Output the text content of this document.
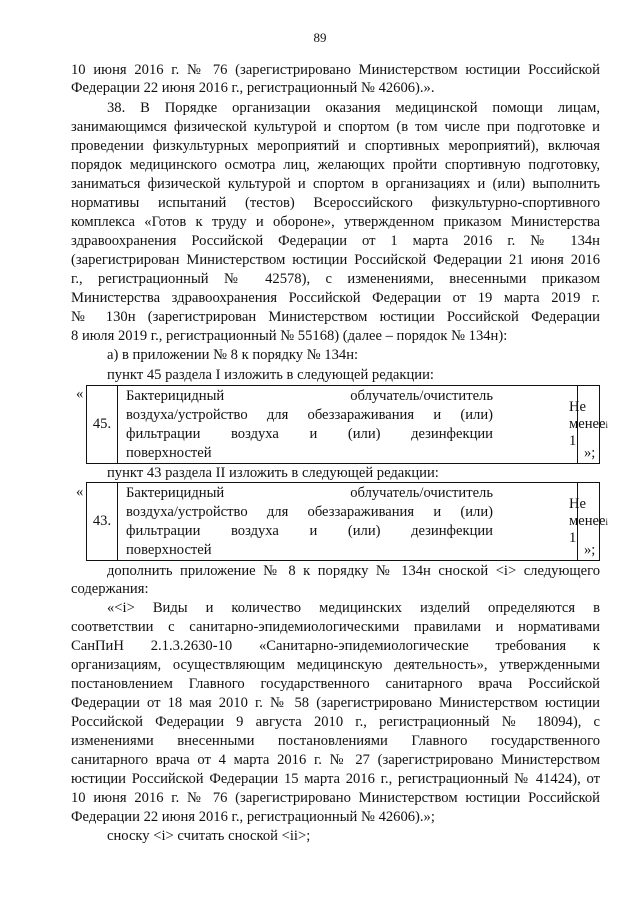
89
10 июня 2016 г. № 76 (зарегистрировано Министерством юстиции Российской
Федерации 22 июня 2016 г., регистрационный № 42606).».
38. В Порядке организации оказания медицинской помощи лицам,
занимающимся физической культурой и спортом (в том числе при подготовке и
проведении физкультурных мероприятий и спортивных мероприятий), включая
порядок медицинского осмотра лиц, желающих пройти спортивную подготовку,
заниматься физической культурой и спортом в организациях и (или) выполнить
нормативы испытаний (тестов) Всероссийского физкультурно-спортивного
комплекса «Готов к труду и обороне», утвержденном приказом Министерства
здравоохранения Российской Федерации от 1 марта 2016 г. № 134н
(зарегистрирован Министерством юстиции Российской Федерации 21 июня 2016
г., регистрационный № 42578), с изменениями, внесенными приказом
Министерства здравоохранения Российской Федерации от 19 марта 2019 г.
№ 130н (зарегистрирован Министерством юстиции Российской Федерации
8 июля 2019 г., регистрационный № 55168) (далее – порядок № 134н):
а) в приложении № 8 к порядку № 134н:
пункт 45 раздела I изложить в следующей редакции:
«
45.
Бактерицидный облучатель/очиститель
воздуха/устройство для обеззараживания и (или)
фильтрации воздуха и (или) дезинфекции
поверхностей
Не менее 1
i
»;
пункт 43 раздела II изложить в следующей редакции:
«
43.
Бактерицидный облучатель/очиститель
воздуха/устройство для обеззараживания и (или)
фильтрации воздуха и (или) дезинфекции
поверхностей
Не менее 1
i
»;
дополнить приложение № 8 к порядку № 134н сноской <i> следующего
содержания:
«<i> Виды и количество медицинских изделий определяются в
соответствии с санитарно-эпидемиологическими правилами и нормативами
СанПиН 2.1.3.2630-10 «Санитарно-эпидемиологические требования к
организациям, осуществляющим медицинскую деятельность», утвержденными
постановлением Главного государственного санитарного врача Российской
Федерации от 18 мая 2010 г. № 58 (зарегистрировано Министерством юстиции
Российской Федерации 9 августа 2010 г., регистрационный № 18094), с
изменениями внесенными постановлениями Главного государственного
санитарного врача от 4 марта 2016 г. № 27 (зарегистрировано Министерством
юстиции Российской Федерации 15 марта 2016 г., регистрационный № 41424), от
10 июня 2016 г. № 76 (зарегистрировано Министерством юстиции Российской
Федерации 22 июня 2016 г., регистрационный № 42606).»;
сноску <i> считать сноской <ii>;
